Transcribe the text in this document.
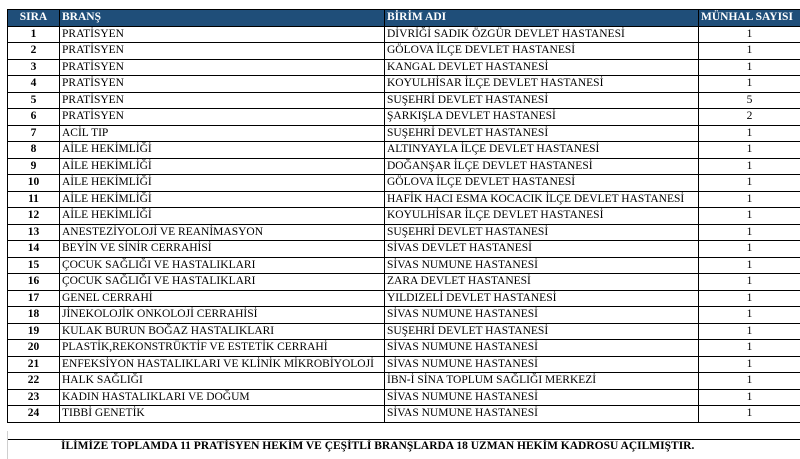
SIRA	BRANŞ	BİRİM ADI	MÜNHAL SAYISI
1	PRATİSYEN	DİVRİĞİ SADIK ÖZGÜR DEVLET HASTANESİ	1
2	PRATİSYEN	GÖLOVA İLÇE DEVLET HASTANESİ	1
3	PRATİSYEN	KANGAL DEVLET HASTANESİ	1
4	PRATİSYEN	KOYULHİSAR İLÇE DEVLET HASTANESİ	1
5	PRATİSYEN	SUŞEHRİ DEVLET HASTANESİ	5
6	PRATİSYEN	ŞARKIŞLA DEVLET HASTANESİ	2
7	ACİL TIP	SUŞEHRİ DEVLET HASTANESİ	1
8	AİLE HEKİMLİĞİ	ALTINYAYLA İLÇE DEVLET HASTANESİ	1
9	AİLE HEKİMLİĞİ	DOĞANŞAR İLÇE DEVLET HASTANESİ	1
10	AİLE HEKİMLİĞİ	GÖLOVA İLÇE DEVLET HASTANESİ	1
11	AİLE HEKİMLİĞİ	HAFİK HACI ESMA KOCACIK İLÇE DEVLET HASTANESİ	1
12	AİLE HEKİMLİĞİ	KOYULHİSAR İLÇE DEVLET HASTANESİ	1
13	ANESTEZİYOLOJİ VE REANİMASYON	SUŞEHRİ DEVLET HASTANESİ	1
14	BEYİN VE SİNİR CERRAHİSİ	SİVAS DEVLET HASTANESİ	1
15	ÇOCUK SAĞLIĞI VE HASTALIKLARI	SİVAS NUMUNE HASTANESİ	1
16	ÇOCUK SAĞLIĞI VE HASTALIKLARI	ZARA DEVLET HASTANESİ	1
17	GENEL CERRAHİ	YILDIZELİ DEVLET HASTANESİ	1
18	JİNEKOLOJİK ONKOLOJİ CERRAHİSİ	SİVAS NUMUNE HASTANESİ	1
19	KULAK BURUN BOĞAZ HASTALIKLARI	SUŞEHRİ DEVLET HASTANESİ	1
20	PLASTİK,REKONSTRÜKTİF VE ESTETİK CERRAHİ	SİVAS NUMUNE HASTANESİ	1
21	ENFEKSİYON HASTALIKLARI VE KLİNİK MİKROBİYOLOJİ	SİVAS NUMUNE HASTANESİ	1
22	HALK SAĞLIĞI	İBN-İ SİNA TOPLUM SAĞLIĞI MERKEZİ	1
23	KADIN HASTALIKLARI VE DOĞUM	SİVAS NUMUNE HASTANESİ	1
24	TIBBİ GENETİK	SİVAS NUMUNE HASTANESİ	1

İLİMİZE TOPLAMDA 11 PRATİSYEN HEKİM VE ÇEŞİTLİ BRANŞLARDA 18 UZMAN HEKİM KADROSU AÇILMIŞTIR.
